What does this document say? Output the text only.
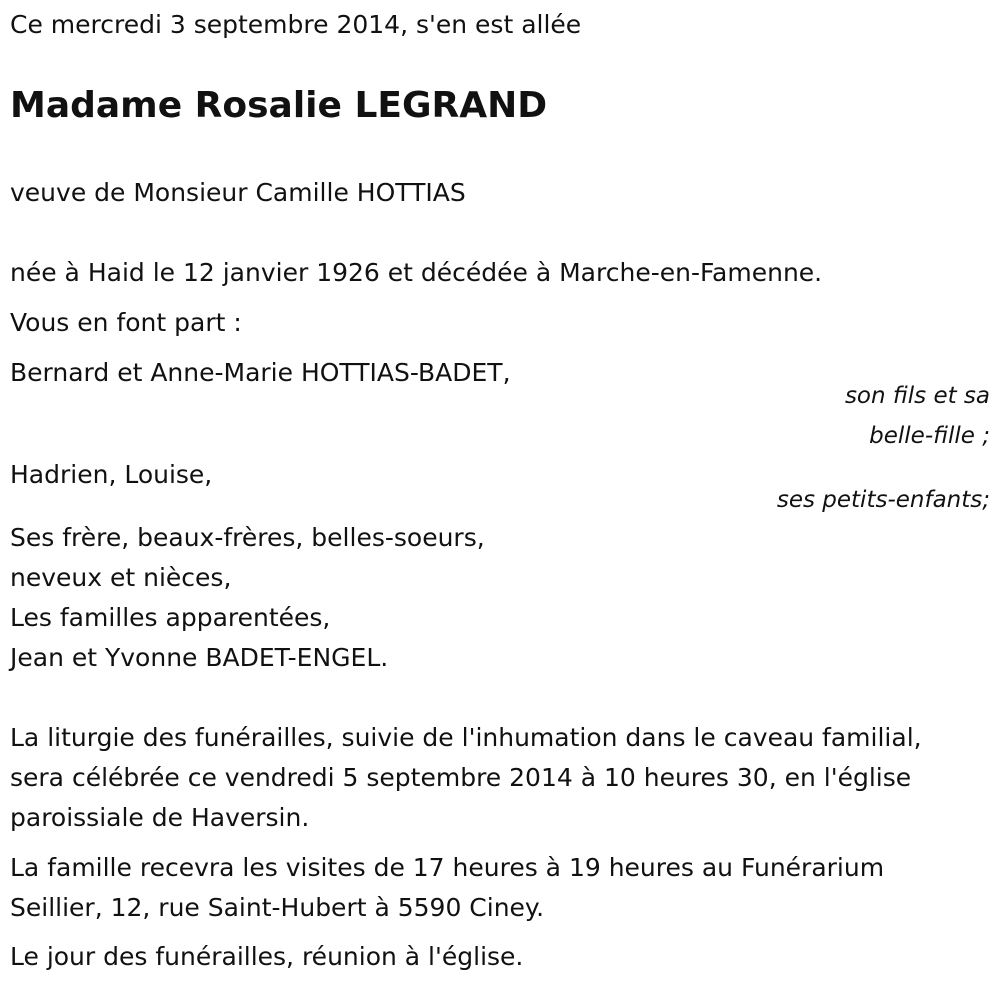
Ce mercredi 3 septembre 2014, s'en est allée

Madame Rosalie LEGRAND

veuve de Monsieur Camille HOTTIAS

née à Haid le 12 janvier 1926 et décédée à Marche-en-Famenne.

Vous en font part :

Bernard et Anne-Marie HOTTIAS-BADET,

son fils et sa
belle-fille ;

Hadrien, Louise,

ses petits-enfants;
Ses frère, beaux-frères, belles-soeurs,
neveux et nièces,
Les familles apparentées,
Jean et Yvonne BADET-ENGEL.
La liturgie des funérailles, suivie de l'inhumation dans le caveau familial,
sera célébrée ce vendredi 5 septembre 2014 à 10 heures 30, en l'église
paroissiale de Haversin.
La famille recevra les visites de 17 heures à 19 heures au Funérarium
Seillier, 12, rue Saint-Hubert à 5590 Ciney.

Le jour des funérailles, réunion à l'église.
